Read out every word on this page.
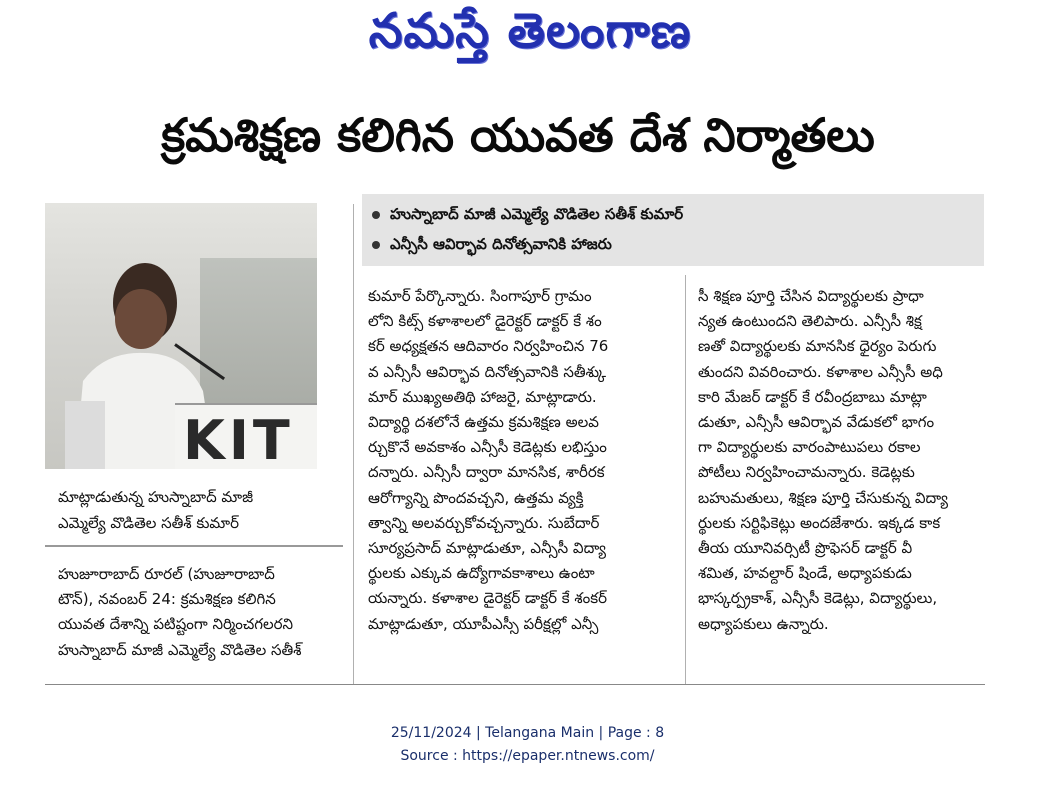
నమస్తే తెలంగాణ
క్రమశిక్షణ కలిగిన యువత దేశ నిర్మాతలు
KIT
మాట్లాడుతున్న హుస్నాబాద్ మాజీ
ఎమ్మెల్యే వొడితెల సతీశ్ కుమార్
హుస్నాబాద్ మాజీ ఎమ్మెల్యే వొడితెల సతీశ్ కుమార్
ఎన్సీసీ ఆవిర్భావ దినోత్సవానికి హాజరు
హుజూరాబాద్ రూరల్ (హుజూరాబాద్
టౌన్), నవంబర్ 24: క్రమశిక్షణ కలిగిన
యువత దేశాన్ని పటిష్టంగా నిర్మించగలరని
హుస్నాబాద్ మాజీ ఎమ్మెల్యే వొడితెల సతీశ్
కుమార్ పేర్కొన్నారు. సింగాపూర్ గ్రామం
లోని కిట్స్ కళాశాలలో డైరెక్టర్ డాక్టర్ కే శం
కర్ అధ్యక్షతన ఆదివారం నిర్వహించిన 76
వ ఎన్సీసీ ఆవిర్భావ దినోత్సవానికి సతీశ్కు
మార్ ముఖ్యఅతిథి హాజరై, మాట్లాడారు.
విద్యార్థి దశలోనే ఉత్తమ క్రమశిక్షణ అలవ
ర్చుకొనే అవకాశం ఎన్సీసీ కెడెట్లకు లభిస్తుం
దన్నారు. ఎన్సీసీ ద్వారా మానసిక, శారీరక
ఆరోగ్యాన్ని పొందవచ్చని, ఉత్తమ వ్యక్తి
త్వాన్ని అలవర్చుకోవచ్చన్నారు. సుబేదార్
సూర్యప్రసాద్ మాట్లాడుతూ, ఎన్సీసీ విద్యా
ర్థులకు ఎక్కువ ఉద్యోగావకాశాలు ఉంటా
యన్నారు. కళాశాల డైరెక్టర్ డాక్టర్ కే శంకర్
మాట్లాడుతూ, యూపీఎస్సీ పరీక్షల్లో ఎన్సీ
సీ శిక్షణ పూర్తి చేసిన విద్యార్థులకు ప్రాధా
న్యత ఉంటుందని తెలిపారు. ఎన్సీసీ శిక్ష
ణతో విద్యార్థులకు మానసిక ధైర్యం పెరుగు
తుందని వివరించారు. కళాశాల ఎన్సీసీ అధి
కారి మేజర్ డాక్టర్ కే రవీంద్రబాబు మాట్లా
డుతూ, ఎన్సీసీ ఆవిర్భావ వేడుకలో భాగం
గా విద్యార్థులకు వారంపాటుపలు రకాల
పోటీలు నిర్వహించామన్నారు. కెడెట్లకు
బహుమతులు, శిక్షణ పూర్తి చేసుకున్న విద్యా
ర్థులకు సర్టిఫికెట్లు అందజేశారు. ఇక్కడ కాక
తీయ యూనివర్సిటీ ప్రొఫెసర్ డాక్టర్ వీ
శమిత, హవల్దార్ షిండే, అధ్యాపకుడు
భాస్కర్ప్రకాశ్, ఎన్సీసీ కెడెట్లు, విద్యార్థులు,
అధ్యాపకులు ఉన్నారు.
25/11/2024 | Telangana Main | Page : 8
Source : https://epaper.ntnews.com/
